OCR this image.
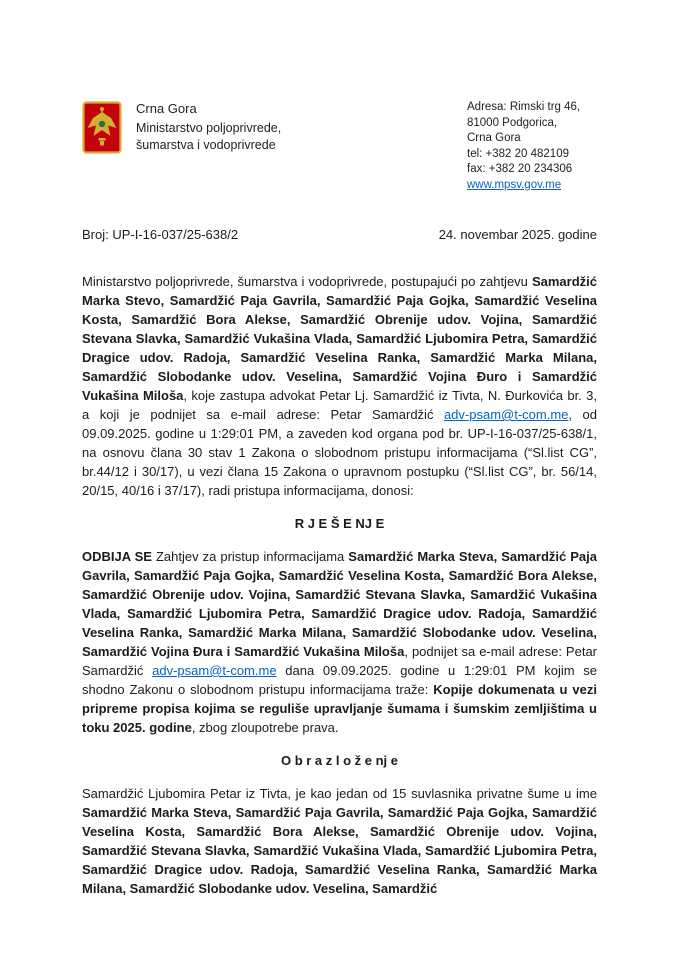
Crna Gora
Ministarstvo poljoprivrede,
šumarstva i vodoprivrede
Adresa: Rimski trg 46,
81000 Podgorica,
Crna Gora
tel: +382 20 482109
fax: +382 20 234306
www.mpsv.gov.me
Broj: UP-I-16-037/25-638/2	24. novembar 2025. godine

Ministarstvo poljoprivrede, šumarstva i vodoprivrede, postupajući po zahtjevu Samardžić Marka Stevo, Samardžić Paja Gavrila, Samardžić Paja Gojka, Samardžić Veselina Kosta, Samardžić Bora Alekse, Samardžić Obrenije udov. Vojina, Samardžić Stevana Slavka, Samardžić Vukašina Vlada, Samardžić Ljubomira Petra, Samardžić Dragice udov. Radoja, Samardžić Veselina Ranka, Samardžić Marka Milana, Samardžić Slobodanke udov. Veselina, Samardžić Vojina Đuro i Samardžić Vukašina Miloša, koje zastupa advokat Petar Lj. Samardžić iz Tivta, N. Đurkovića br. 3, a koji je podnijet sa e-mail adrese: Petar Samardžić adv-psam@t-com.me, od 09.09.2025. godine u 1:29:01 PM, a zaveden kod organa pod br. UP-I-16-037/25-638/1, na osnovu člana 30 stav 1 Zakona o slobodnom pristupu informacijama (“Sl.list CG”, br.44/12 i 30/17), u vezi člana 15 Zakona o upravnom postupku (“Sl.list CG”, br. 56/14, 20/15, 40/16 i 37/17), radi pristupa informacijama, donosi:

R J E Š E NJ E

ODBIJA SE Zahtjev za pristup informacijama Samardžić Marka Steva, Samardžić Paja Gavrila, Samardžić Paja Gojka, Samardžić Veselina Kosta, Samardžić Bora Alekse, Samardžić Obrenije udov. Vojina, Samardžić Stevana Slavka, Samardžić Vukašina Vlada, Samardžić Ljubomira Petra, Samardžić Dragice udov. Radoja, Samardžić Veselina Ranka, Samardžić Marka Milana, Samardžić Slobodanke udov. Veselina, Samardžić Vojina Đura i Samardžić Vukašina Miloša, podnijet sa e-mail adrese: Petar Samardžić adv-psam@t-com.me dana 09.09.2025. godine u 1:29:01 PM kojim se shodno Zakonu o slobodnom pristupu informacijama traže: Kopije dokumenata u vezi pripreme propisa kojima se reguliše upravljanje šumama i šumskim zemljištima u toku 2025. godine, zbog zloupotrebe prava.

O b r a z l o ž e nj e

Samardžić Ljubomira Petar iz Tivta, je kao jedan od 15 suvlasnika privatne šume u ime Samardžić Marka Steva, Samardžić Paja Gavrila, Samardžić Paja Gojka, Samardžić Veselina Kosta, Samardžić Bora Alekse, Samardžić Obrenije udov. Vojina, Samardžić Stevana Slavka, Samardžić Vukašina Vlada, Samardžić Ljubomira Petra, Samardžić Dragice udov. Radoja, Samardžić Veselina Ranka, Samardžić Marka Milana, Samardžić Slobodanke udov. Veselina, Samardžić
